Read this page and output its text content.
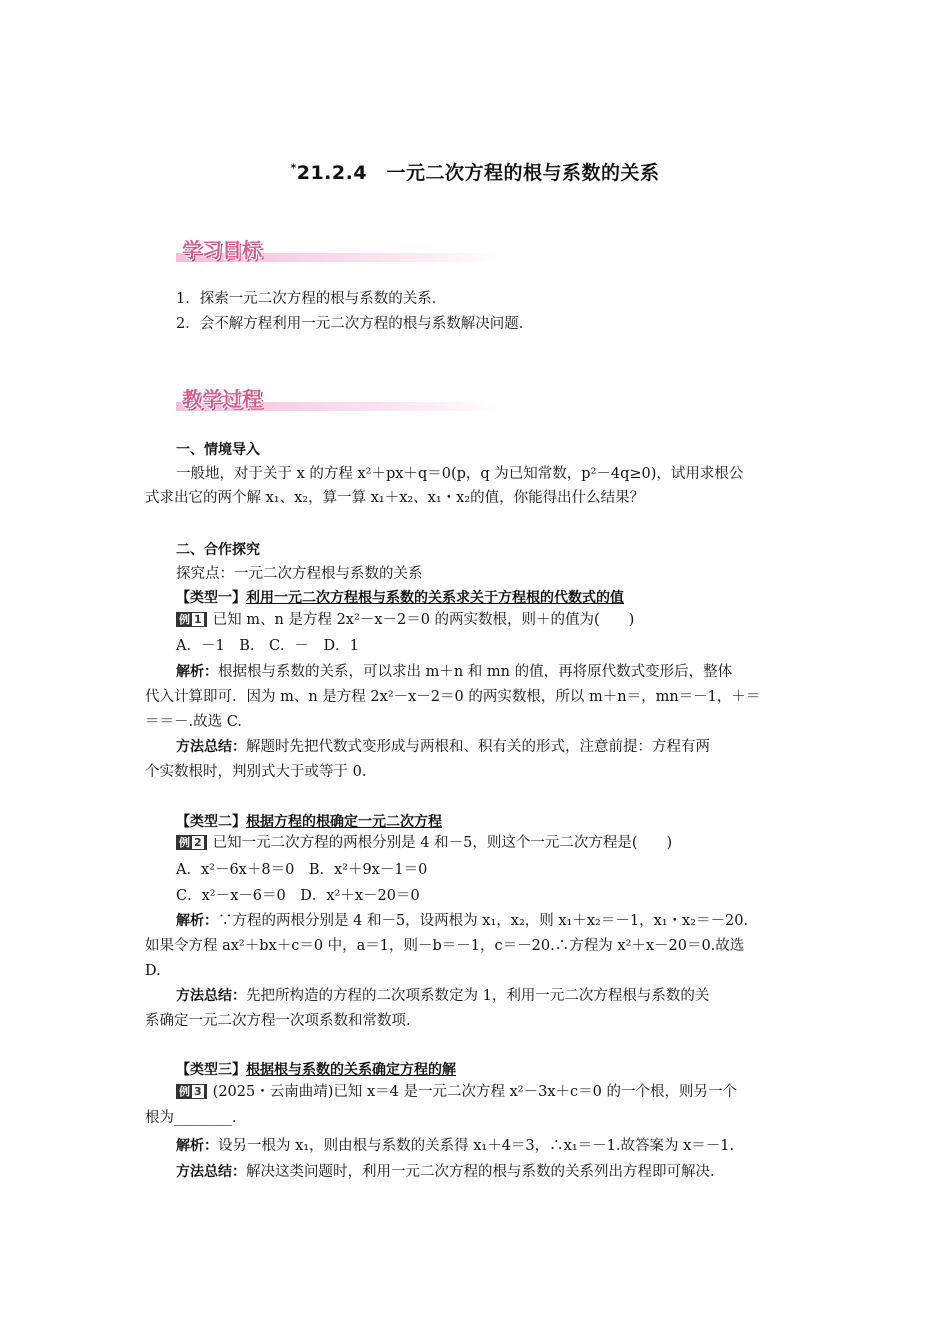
*21.2.4　一元二次方程的根与系数的关系
学习目标
1．探索一元二次方程的根与系数的关系．
2．会不解方程利用一元二次方程的根与系数解决问题．
教学过程
一、情境导入
一般地，对于关于 x 的方程 x²＋px＋q＝0(p，q 为已知常数，p²－4q≥0)，试用求根公
式求出它的两个解 x₁、x₂，算一算 x₁＋x₂、x₁・x₂的值，你能得出什么结果？
二、合作探究
探究点：一元二次方程根与系数的关系
【类型一】利用一元二次方程根与系数的关系求关于方程根的代数式的值
例 1 已知 m、n 是方程 2x²－x－2＝0 的两实数根，则＋的值为(　　)
A．－1　B.　C．－　D．1
解析：根据根与系数的关系，可以求出 m＋n 和 mn 的值，再将原代数式变形后，整体
代入计算即可．因为 m、n 是方程 2x²－x－2＝0 的两实数根，所以 m＋n＝，mn＝－1，＋＝
＝＝－.故选 C.
方法总结：解题时先把代数式变形成与两根和、积有关的形式，注意前提：方程有两
个实数根时，判别式大于或等于 0.
【类型二】根据方程的根确定一元二次方程
例 2 已知一元二次方程的两根分别是 4 和－5，则这个一元二次方程是(　　)
A．x²－6x＋8＝0　B．x²＋9x－1＝0
C．x²－x－6＝0　D．x²＋x－20＝0
解析：∵方程的两根分别是 4 和－5，设两根为 x₁，x₂，则 x₁＋x₂＝－1，x₁・x₂＝－20.
如果令方程 ax²＋bx＋c＝0 中，a＝1，则－b＝－1，c＝－20.∴方程为 x²＋x－20＝0.故选
D.
方法总结：先把所构造的方程的二次项系数定为 1，利用一元二次方程根与系数的关
系确定一元二次方程一次项系数和常数项.
【类型三】根据根与系数的关系确定方程的解
例 3 (2025・云南曲靖)已知 x＝4 是一元二次方程 x²－3x＋c＝0 的一个根，则另一个
根为________．
解析：设另一根为 x₁，则由根与系数的关系得 x₁＋4＝3，∴x₁＝－1.故答案为 x＝－1.
方法总结：解决这类问题时，利用一元二次方程的根与系数的关系列出方程即可解决.
